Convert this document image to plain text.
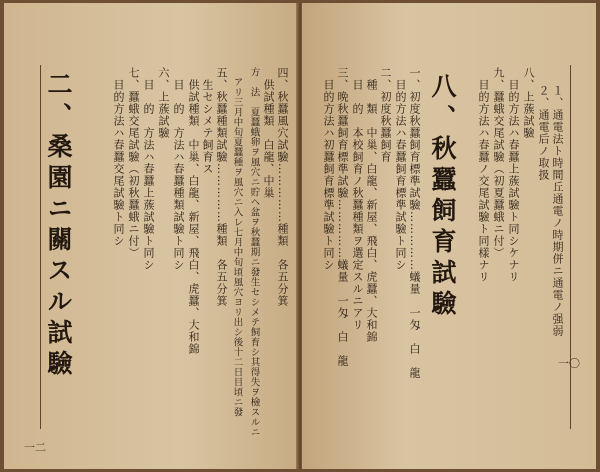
二、桑園ニ關スル試驗	四、秋蠶風穴試驗……………種類　各五分箕
　供試種類　白龍、中巢
方　法　夏蠶蛾卵ヲ風穴ニ貯ヘ盆ヲ秋蠶期ニ發生セシメテ飼育シ其得失ヲ檢スルニ
　アリ三月中旬夏蠶種ヲ風穴ニ入レ七月中旬頃風穴ヨリ出シ後十二日目頃ニ發
五、秋蠶種類試驗……………種類　各五分箕
　生セシメテ飼育ス
　供試種類　中巢、白龍、新屋、飛白、虎蠶、大和錦
　目　的　方法ハ春蠶種類試驗ト同シ
六、上蔟試驗
　目　的　方法ハ春蠶上蔟試驗ト同シ
七、蠶蛾交尾試驗（初秋蠶蛾ニ付）
　目的方法ハ春蠶交尾試驗ト同シ
一二
１、通電法ト時間丘通電ノ時期併ニ通電ノ强弱
２、通電后ノ取扱
八、上蔟試驗
　目的方法ハ春蠶上蔟試驗ト同シケナリ
九、蠶蛾交尾試驗（初夏蠶蛾ニ付）
　目的方法ハ春蠶ノ交尾試驗ト同樣ナリ
八、秋蠶飼育試驗
一、初度秋蠶飼育標準試驗……………蟻量　一匁　白　龍
　目的方法ハ春蠶飼育標準試驗ト同シ
二、初度秋蠶飼育
　種　類　中巢、白龍、新屋、飛白、虎蠶、大和錦
　目　的　本校飼育ノ秋蠶種類ヲ選定スルニアリ
三、晩秋蠶飼育標準試驗……………蟻量　一匁　白　龍
　目的方法ハ初蠶飼育標準試驗ト同シ
一〇
